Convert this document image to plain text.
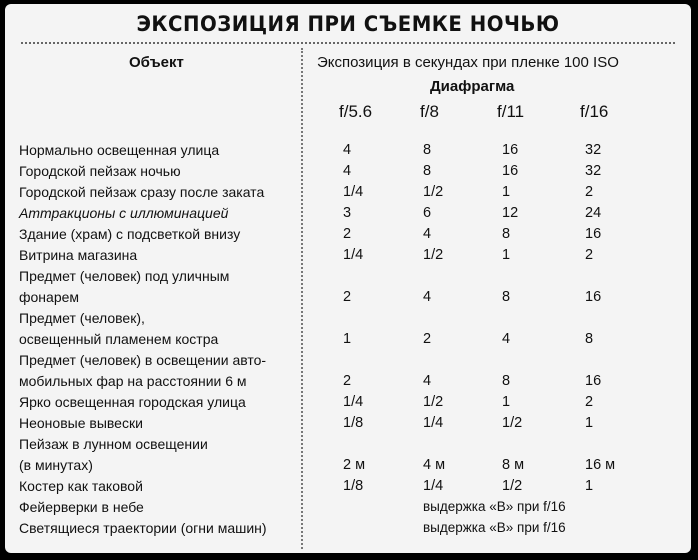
ЭКСПОЗИЦИЯ ПРИ СЪЕМКЕ НОЧЬЮ
Объект	Экспозиция в секундах при пленке 100 ISO
Диафрагма
f/5.6	f/8	f/11	f/16
Нормально освещенная улица	4	8	16	32
Городской пейзаж ночью	4	8	16	32
Городской пейзаж сразу после заката	1/4	1/2	1	2
Аттракционы с иллюминацией	3	6	12	24
Здание (храм) с подсветкой внизу	2	4	8	16
Витрина магазина	1/4	1/2	1	2
Предмет (человек) под уличным
фонарем	2	4	8	16
Предмет (человек),
освещенный пламенем костра	1	2	4	8
Предмет (человек) в освещении авто-
мобильных фар на расстоянии 6 м	2	4	8	16
Ярко освещенная городская улица	1/4	1/2	1	2
Неоновые вывески	1/8	1/4	1/2	1
Пейзаж в лунном освещении
(в минутах)	2 м	4 м	8 м	16 м
Костер как таковой	1/8	1/4	1/2	1
Фейерверки в небе	выдержка «В» при f/16
Светящиеся траектории (огни машин)	выдержка «В» при f/16
